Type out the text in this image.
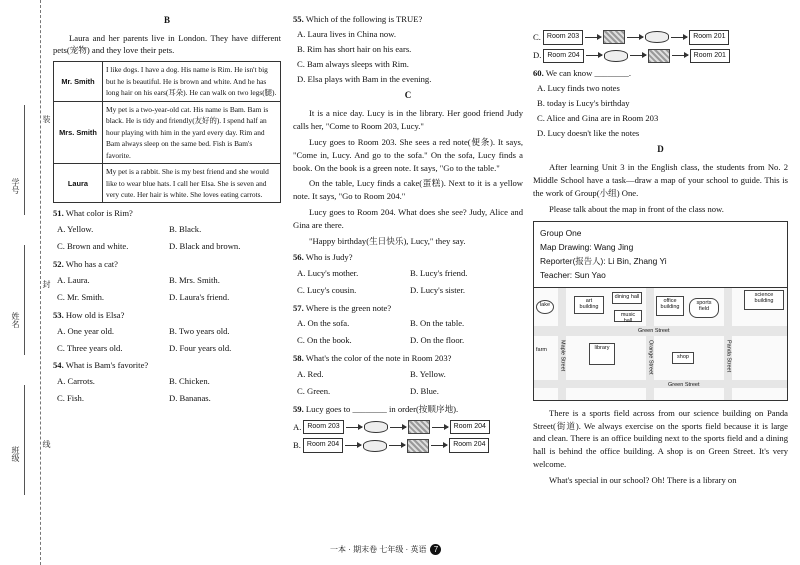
学号
姓名
班级
装
封
线
B

Laura and her parents live in London. They have different pets(宠物) and they love their pets.

Mr. Smith	I like dogs. I have a dog. His name is Rim. He isn't big but he is beautiful. He is brown and white. And he has long hair on his ears(耳朵). He can walk on two legs(腿).
Mrs. Smith	My pet is a two-year-old cat. His name is Bam. Bam is black. He is tidy and friendly(友好的). I spend half an hour playing with him in the yard every day. Rim and Bam always sleep on the same bed. Fish is Bam's favorite.
Laura	My pet is a rabbit. She is my best friend and she would like to wear blue hats. I call her Elsa. She is seven and very cute. Her hair is white. She loves eating carrots.
51. What color is Rim?
A. Yellow.	B. Black.
C. Brown and white.	D. Black and brown.
52. Who has a cat?
A. Laura.	B. Mrs. Smith.
C. Mr. Smith.	D. Laura's friend.
53. How old is Elsa?
A. One year old.	B. Two years old.
C. Three years old.	D. Four years old.
54. What is Bam's favorite?
A. Carrots.	B. Chicken.
C. Fish.	D. Bananas.
55. Which of the following is TRUE?
A. Laura lives in China now.
B. Rim has short hair on his ears.
C. Bam always sleeps with Rim.
D. Elsa plays with Bam in the evening.
C

It is a nice day. Lucy is in the library. Her good friend Judy calls her, "Come to Room 203, Lucy."

Lucy goes to Room 203. She sees a red note(便条). It says, "Come in, Lucy. And go to the sofa." On the sofa, Lucy finds a book. On the book is a green note. It says, "Go to the table."

On the table, Lucy finds a cake(蛋糕). Next to it is a yellow note. It says, "Go to Room 204."

Lucy goes to Room 204. What does she see? Judy, Alice and Gina are there.

"Happy birthday(生日快乐), Lucy," they say.

56. Who is Judy?
A. Lucy's mother.	B. Lucy's friend.
C. Lucy's cousin.	D. Lucy's sister.
57. Where is the green note?
A. On the sofa.	B. On the table.
C. On the book.	D. On the floor.
58. What's the color of the note in Room 203?
A. Red.	B. Yellow.
C. Green.	D. Blue.
59. Lucy goes to ________ in order(按顺序地).
A. Room 203	Room 204
B. Room 204	Room 204
C. Room 203	Room 201
D. Room 204	Room 201
60. We can know ________.
A. Lucy finds two notes
B. today is Lucy's birthday
C. Alice and Gina are in Room 203
D. Lucy doesn't like the notes
D

After learning Unit 3 in the English class, the students from No. 2 Middle School have a task—draw a map of your school to guide. This is the work of Group(小组) One.

Please talk about the map in front of the class now.

Group One
Map Drawing: Wang Jing
Reporter(报告人): Li Bin, Zhang Yi
Teacher: Sun Yao
Green Street
Green Street
Maple Street	Orange Street	Panda Street
art building
dining hall
office building
science building
sports field
library
shop
music hall
lake
farm

There is a sports field across from our science building on Panda Street(街道). We always exercise on the sports field because it is large and clean. There is an office building next to the sports field and a dining hall is behind the office building. A shop is on Green Street. It's very welcome.

What's special in our school? Oh! There is a library on

一本 · 期末卷 七年级 · 英语 7
